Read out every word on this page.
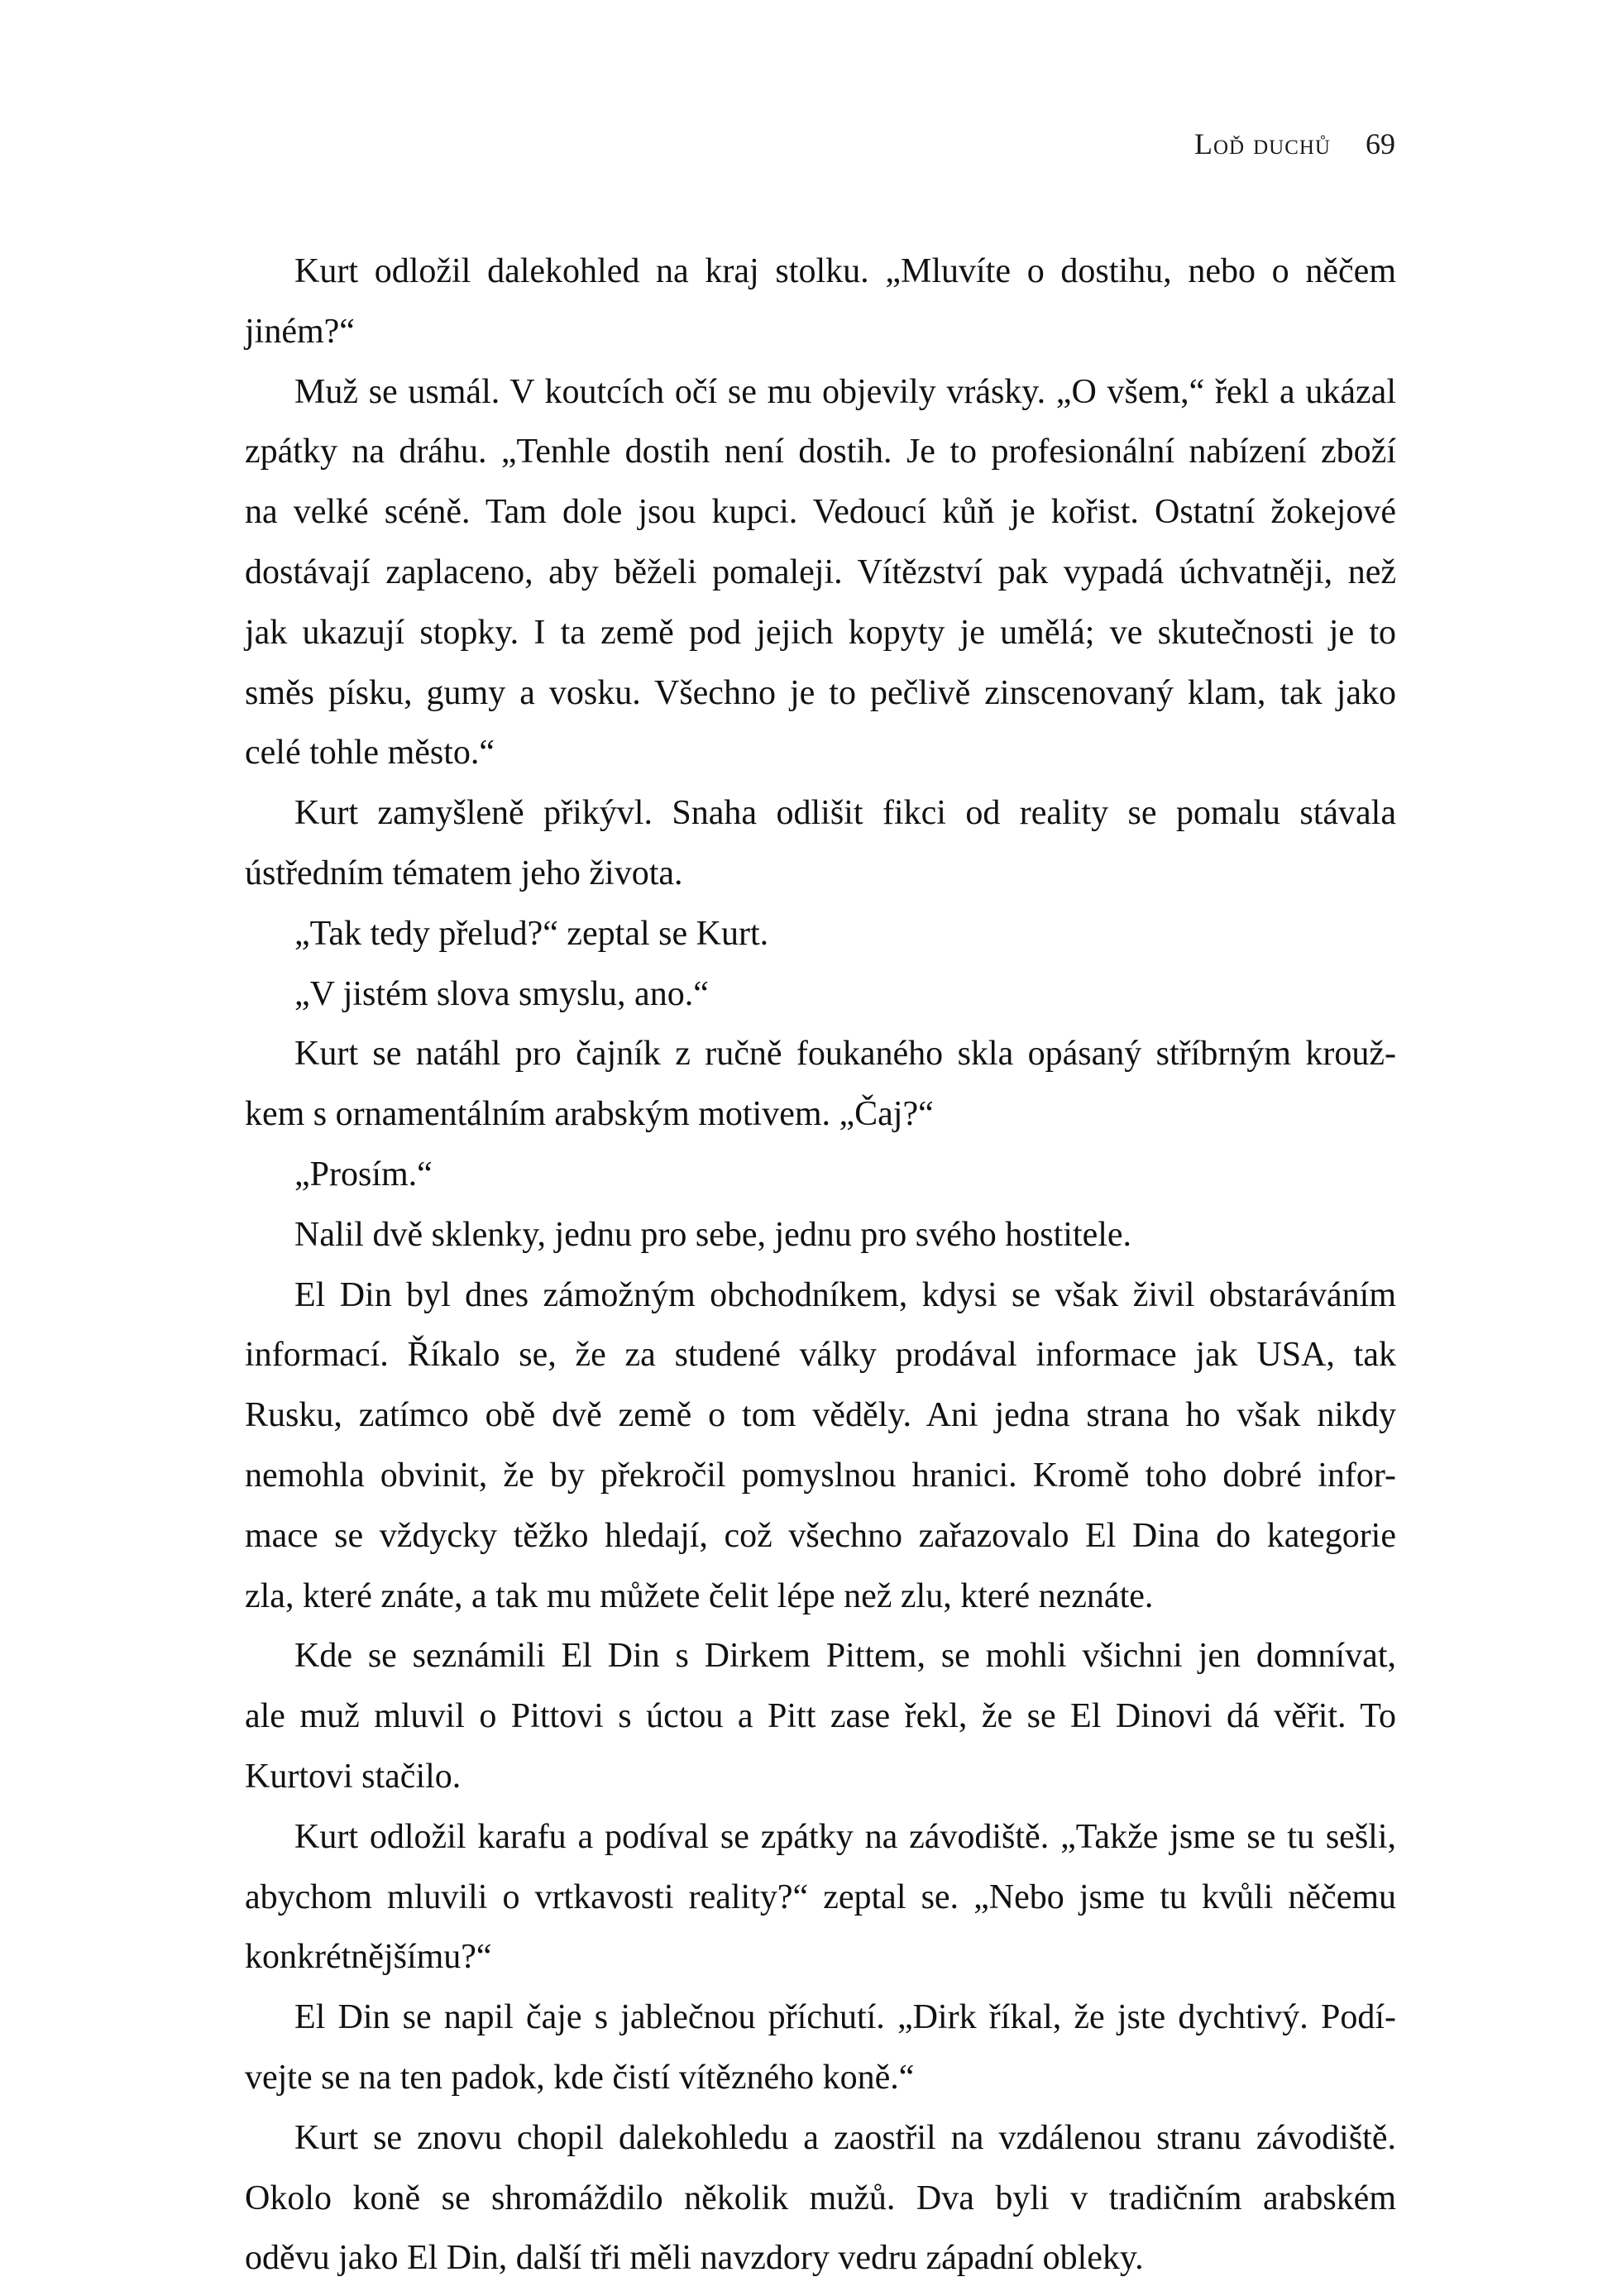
Loď duchů 69
Kurt odložil dalekohled na kraj stolku. „Mluvíte o dostihu, nebo o něčem
jiném?“
Muž se usmál. V koutcích očí se mu objevily vrásky. „O všem,“ řekl a ukázal
zpátky na dráhu. „Tenhle dostih není dostih. Je to profesionální nabízení zboží
na velké scéně. Tam dole jsou kupci. Vedoucí kůň je kořist. Ostatní žokejové
dostávají zaplaceno, aby běželi pomaleji. Vítězství pak vypadá úchvatněji, než
jak ukazují stopky. I ta země pod jejich kopyty je umělá; ve skutečnosti je to
směs písku, gumy a vosku. Všechno je to pečlivě zinscenovaný klam, tak jako
celé tohle město.“
Kurt zamyšleně přikývl. Snaha odlišit fikci od reality se pomalu stávala
ústředním tématem jeho života.
„Tak tedy přelud?“ zeptal se Kurt.
„V jistém slova smyslu, ano.“
Kurt se natáhl pro čajník z ručně foukaného skla opásaný stříbrným krouž-
kem s ornamentálním arabským motivem. „Čaj?“
„Prosím.“
Nalil dvě sklenky, jednu pro sebe, jednu pro svého hostitele.
El Din byl dnes zámožným obchodníkem, kdysi se však živil obstaráváním
informací. Říkalo se, že za studené války prodával informace jak USA, tak
Rusku, zatímco obě dvě země o tom věděly. Ani jedna strana ho však nikdy
nemohla obvinit, že by překročil pomyslnou hranici. Kromě toho dobré infor-
mace se vždycky těžko hledají, což všechno zařazovalo El Dina do kategorie
zla, které znáte, a tak mu můžete čelit lépe než zlu, které neznáte.
Kde se seznámili El Din s Dirkem Pittem, se mohli všichni jen domnívat,
ale muž mluvil o Pittovi s úctou a Pitt zase řekl, že se El Dinovi dá věřit. To
Kurtovi stačilo.
Kurt odložil karafu a podíval se zpátky na závodiště. „Takže jsme se tu sešli,
abychom mluvili o vrtkavosti reality?“ zeptal se. „Nebo jsme tu kvůli něčemu
konkrétnějšímu?“
El Din se napil čaje s jablečnou příchutí. „Dirk říkal, že jste dychtivý. Podí-
vejte se na ten padok, kde čistí vítězného koně.“
Kurt se znovu chopil dalekohledu a zaostřil na vzdálenou stranu závodiště.
Okolo koně se shromáždilo několik mužů. Dva byli v tradičním arabském
oděvu jako El Din, další tři měli navzdory vedru západní obleky.
